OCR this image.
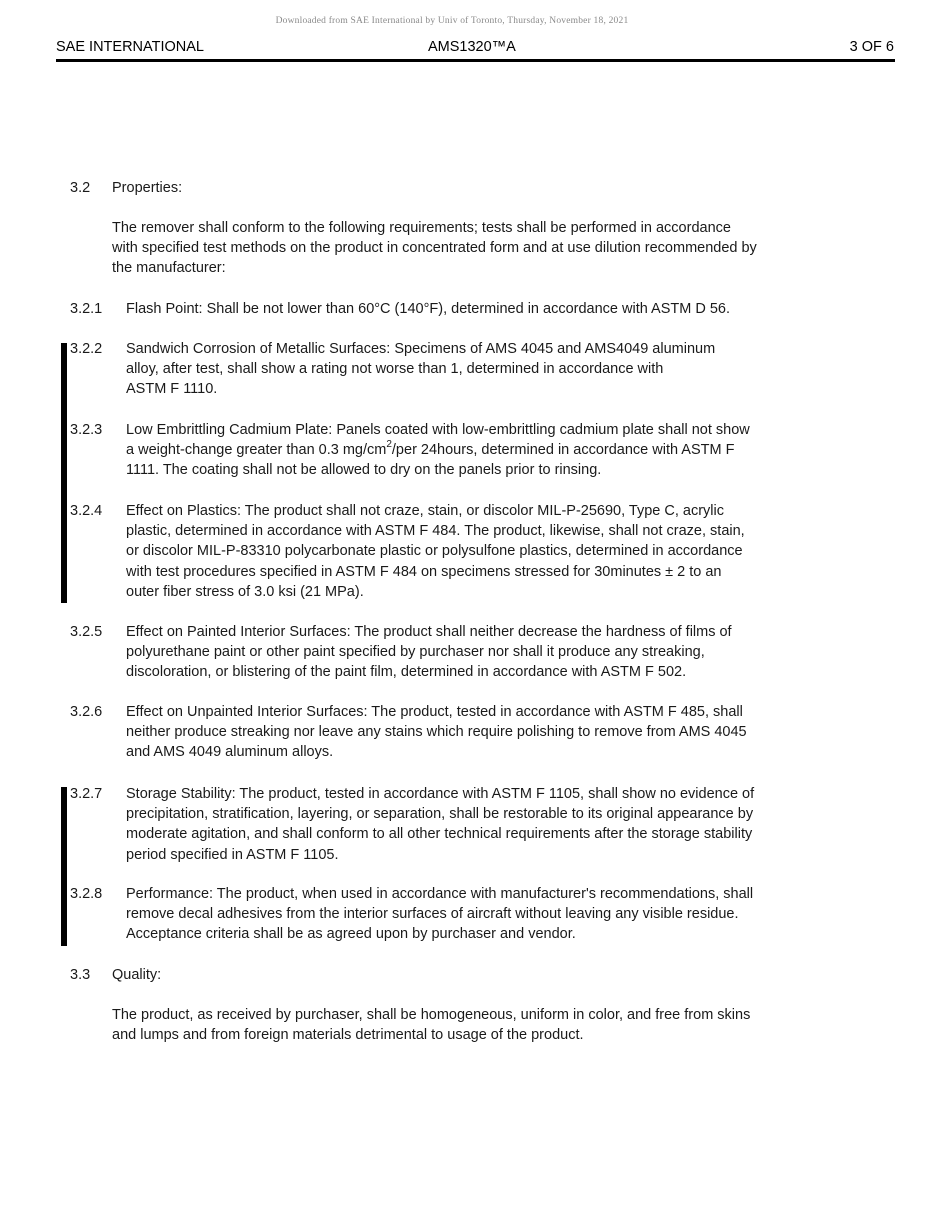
Downloaded from SAE International by Univ of Toronto, Thursday, November 18, 2021
SAE INTERNATIONAL	AMS1320™A	3 OF 6
3.2 Properties:
The remover shall conform to the following requirements; tests shall be performed in accordance
with specified test methods on the product in concentrated form and at use dilution recommended by
the manufacturer:
3.2.1 Flash Point: Shall be not lower than 60°C (140°F), determined in accordance with ASTM D 56.
3.2.2 Sandwich Corrosion of Metallic Surfaces: Specimens of AMS 4045 and AMS4049 aluminum
alloy, after test, shall show a rating not worse than 1, determined in accordance with
ASTM F 1110.
3.2.3 Low Embrittling Cadmium Plate: Panels coated with low-embrittling cadmium plate shall not show
a weight-change greater than 0.3 $mg/cm^2$/per 24hours, determined in accordance with ASTM F
1111. The coating shall not be allowed to dry on the panels prior to rinsing.
3.2.4 Effect on Plastics: The product shall not craze, stain, or discolor MIL-P-25690, Type C, acrylic
plastic, determined in accordance with ASTM F 484. The product, likewise, shall not craze, stain,
or discolor MIL-P-83310 polycarbonate plastic or polysulfone plastics, determined in accordance
with test procedures specified in ASTM F 484 on specimens stressed for 30minutes ± 2 to an
outer fiber stress of 3.0 ksi (21 MPa).
3.2.5 Effect on Painted Interior Surfaces: The product shall neither decrease the hardness of films of
polyurethane paint or other paint specified by purchaser nor shall it produce any streaking,
discoloration, or blistering of the paint film, determined in accordance with ASTM F 502.
3.2.6 Effect on Unpainted Interior Surfaces: The product, tested in accordance with ASTM F 485, shall
neither produce streaking nor leave any stains which require polishing to remove from AMS 4045
and AMS 4049 aluminum alloys.
3.2.7 Storage Stability: The product, tested in accordance with ASTM F 1105, shall show no evidence of
precipitation, stratification, layering, or separation, shall be restorable to its original appearance by
moderate agitation, and shall conform to all other technical requirements after the storage stability
period specified in ASTM F 1105.
3.2.8 Performance: The product, when used in accordance with manufacturer's recommendations, shall
remove decal adhesives from the interior surfaces of aircraft without leaving any visible residue.
Acceptance criteria shall be as agreed upon by purchaser and vendor.
3.3 Quality:
The product, as received by purchaser, shall be homogeneous, uniform in color, and free from skins
and lumps and from foreign materials detrimental to usage of the product.
